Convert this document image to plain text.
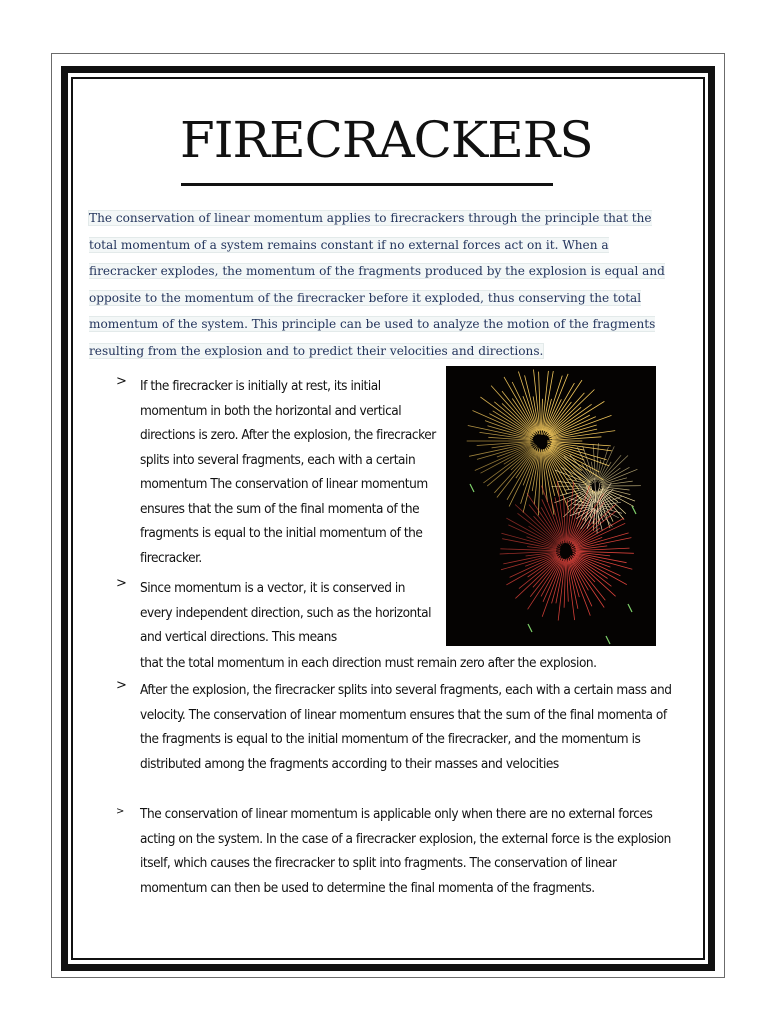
FIRECRACKERS

The conservation of linear momentum applies to firecrackers through the principle that the total momentum of a system remains constant if no external forces act on it. When a firecracker explodes, the momentum of the fragments produced by the explosion is equal and opposite to the momentum of the firecracker before it exploded, thus conserving the total momentum of the system. This principle can be used to analyze the motion of the fragments resulting from the explosion and to predict their velocities and directions.

> If the firecracker is initially at rest, its initial momentum in both the horizontal and vertical directions is zero. After the explosion, the firecracker splits into several fragments, each with a certain momentum The conservation of linear momentum ensures that the sum of the final momenta of the fragments is equal to the initial momentum of the firecracker.

> Since momentum is a vector, it is conserved in every independent direction, such as the horizontal and vertical directions. This means

that the total momentum in each direction must remain zero after the explosion.

> After the explosion, the firecracker splits into several fragments, each with a certain mass and velocity. The conservation of linear momentum ensures that the sum of the final momenta of the fragments is equal to the initial momentum of the firecracker, and the momentum is distributed among the fragments according to their masses and velocities

> The conservation of linear momentum is applicable only when there are no external forces acting on the system. In the case of a firecracker explosion, the external force is the explosion itself, which causes the firecracker to split into fragments. The conservation of linear momentum can then be used to determine the final momenta of the fragments.
